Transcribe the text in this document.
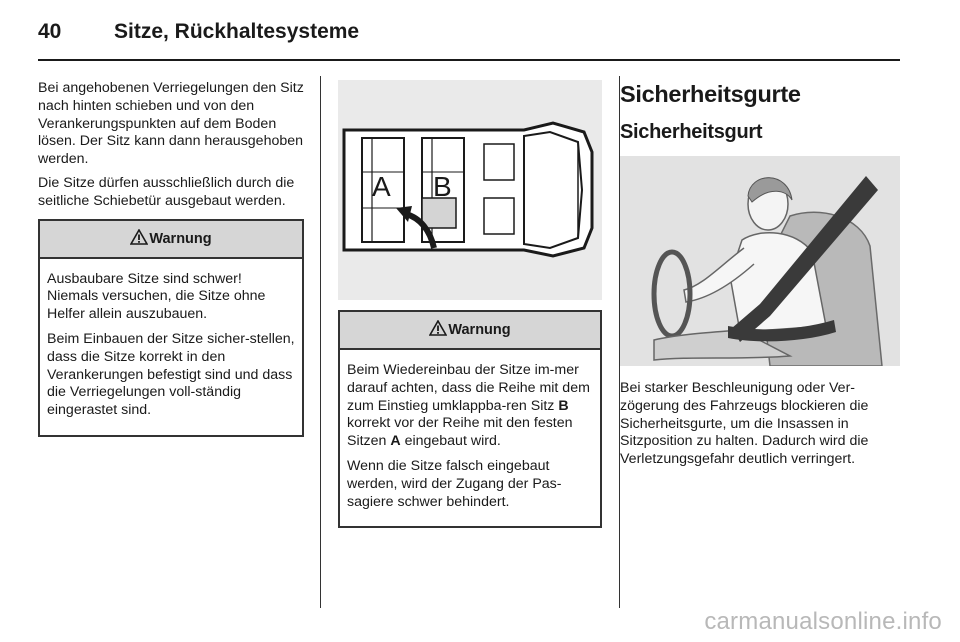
40	Sitze, Rückhaltesysteme

Bei angehobenen Verriegelungen den Sitz nach hinten schieben und von den Verankerungspunkten auf dem Boden lösen. Der Sitz kann dann herausgehoben werden.

Die Sitze dürfen ausschließlich durch die seitliche Schiebetür ausgebaut werden.

Warnung

Ausbaubare Sitze sind schwer! Niemals versuchen, die Sitze ohne Helfer allein auszubauen.

Beim Einbauen der Sitze sicher-stellen, dass die Sitze korrekt in den Verankerungen befestigt sind und dass die Verriegelungen voll-ständig eingerastet sind.

A B
Warnung

Beim Wiedereinbau der Sitze im-mer darauf achten, dass die Reihe mit dem zum Einstieg umklappba-ren Sitz B korrekt vor der Reihe mit den festen Sitzen A eingebaut wird.

Wenn die Sitze falsch eingebaut werden, wird der Zugang der Pas-sagiere schwer behindert.

Sicherheitsgurte
Sicherheitsgurt

Bei starker Beschleunigung oder Ver-zögerung des Fahrzeugs blockieren die Sicherheitsgurte, um die Insassen in Sitzposition zu halten. Dadurch wird die Verletzungsgefahr deutlich verringert.

carmanualsonline.info
